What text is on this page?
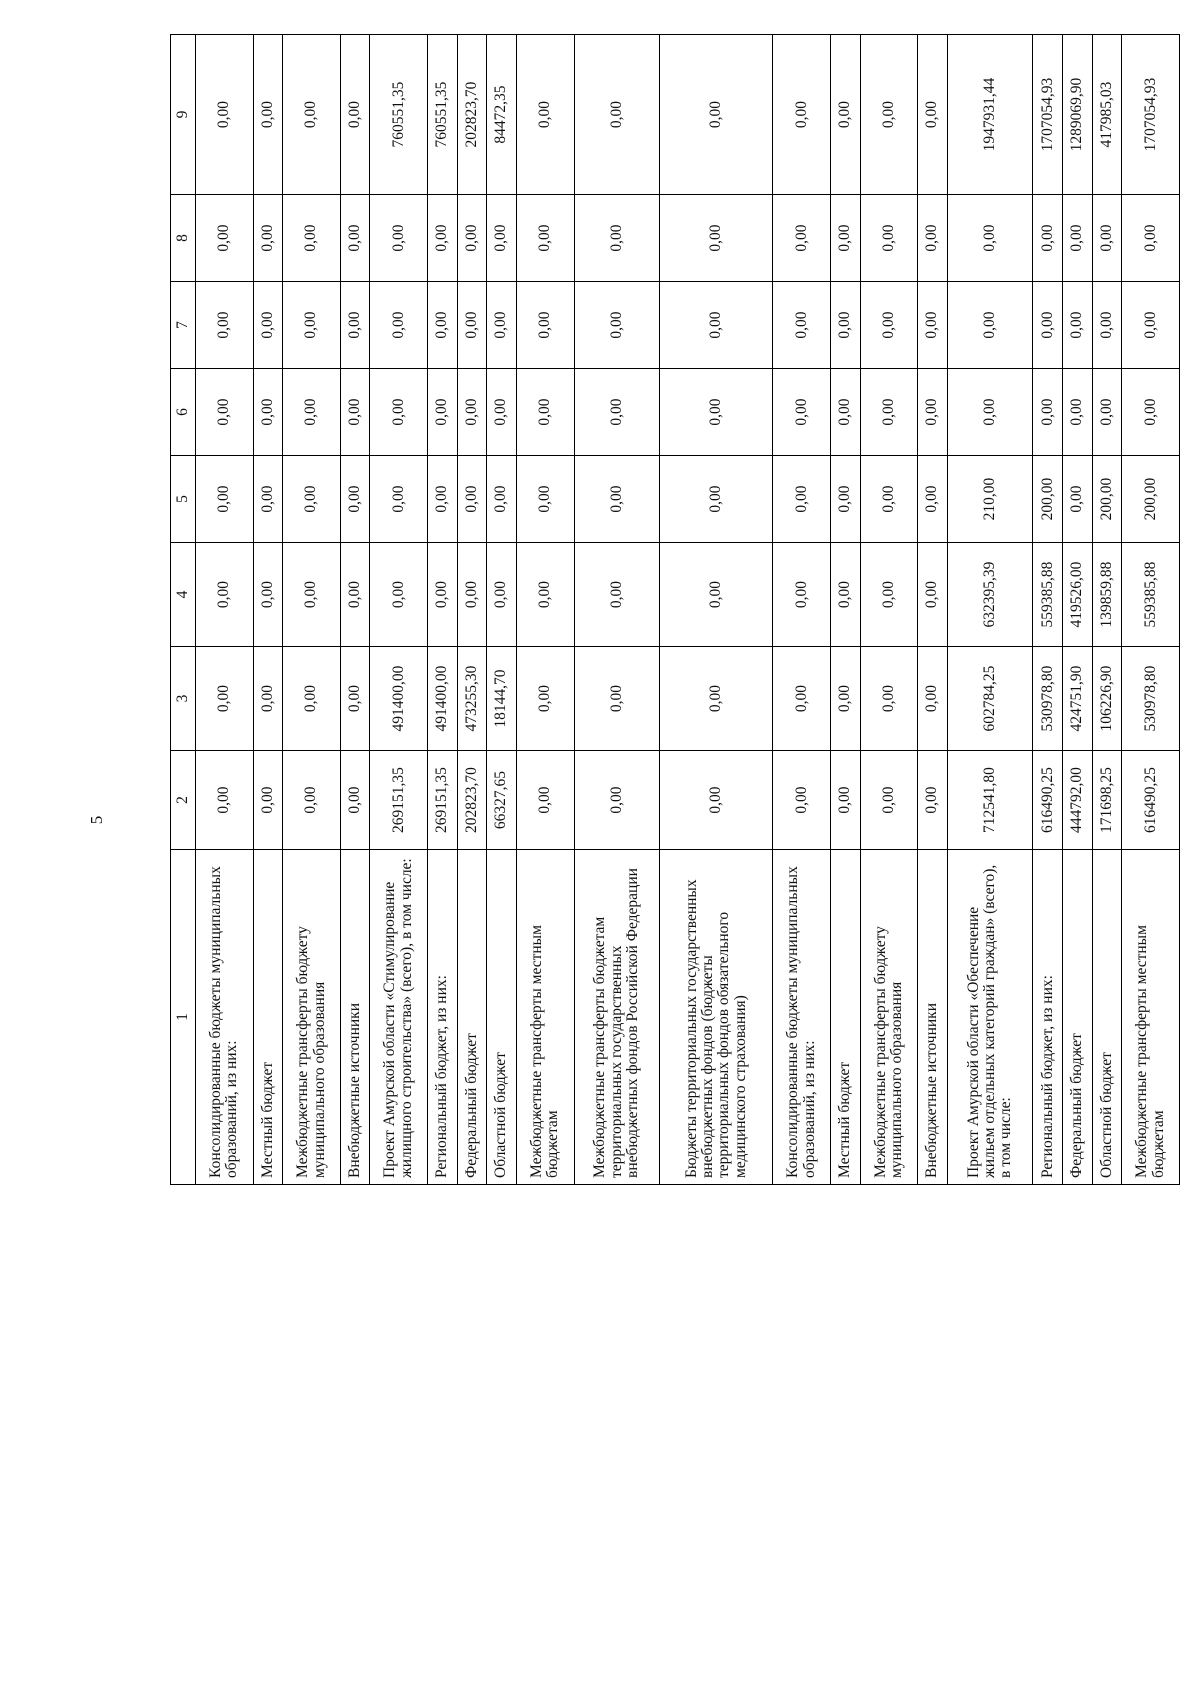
5
1	2	3	4	5	6	7	8	9
Консолидированные бюджеты муниципальных образований, из них:	0,00	0,00	0,00	0,00	0,00	0,00	0,00	0,00
Местный бюджет	0,00	0,00	0,00	0,00	0,00	0,00	0,00	0,00
Межбюджетные трансферты бюджету муниципального образования	0,00	0,00	0,00	0,00	0,00	0,00	0,00	0,00
Внебюджетные источники	0,00	0,00	0,00	0,00	0,00	0,00	0,00	0,00
Проект Амурской области «Стимулирование жилищного строительства» (всего), в том числе:	269151,35	491400,00	0,00	0,00	0,00	0,00	0,00	760551,35
Региональный бюджет, из них:	269151,35	491400,00	0,00	0,00	0,00	0,00	0,00	760551,35
Федеральный бюджет	202823,70	473255,30	0,00	0,00	0,00	0,00	0,00	202823,70
Областной бюджет	66327,65	18144,70	0,00	0,00	0,00	0,00	0,00	84472,35
Межбюджетные трансферты местным бюджетам	0,00	0,00	0,00	0,00	0,00	0,00	0,00	0,00
Межбюджетные трансферты бюджетам территориальных государственных внебюджетных фондов Российской Федерации	0,00	0,00	0,00	0,00	0,00	0,00	0,00	0,00
Бюджеты территориальных государственных внебюджетных фондов (бюджеты территориальных фондов обязательного медицинского страхования)	0,00	0,00	0,00	0,00	0,00	0,00	0,00	0,00
Консолидированные бюджеты муниципальных образований, из них:	0,00	0,00	0,00	0,00	0,00	0,00	0,00	0,00
Местный бюджет	0,00	0,00	0,00	0,00	0,00	0,00	0,00	0,00
Межбюджетные трансферты бюджету муниципального образования	0,00	0,00	0,00	0,00	0,00	0,00	0,00	0,00
Внебюджетные источники	0,00	0,00	0,00	0,00	0,00	0,00	0,00	0,00
Проект Амурской области «Обеспечение жильем отдельных категорий граждан» (всего), в том числе:	712541,80	602784,25	632395,39	210,00	0,00	0,00	0,00	1947931,44
Региональный бюджет, из них:	616490,25	530978,80	559385,88	200,00	0,00	0,00	0,00	1707054,93
Федеральный бюджет	444792,00	424751,90	419526,00	0,00	0,00	0,00	0,00	1289069,90
Областной бюджет	171698,25	106226,90	139859,88	200,00	0,00	0,00	0,00	417985,03
Межбюджетные трансферты местным бюджетам	616490,25	530978,80	559385,88	200,00	0,00	0,00	0,00	1707054,93
